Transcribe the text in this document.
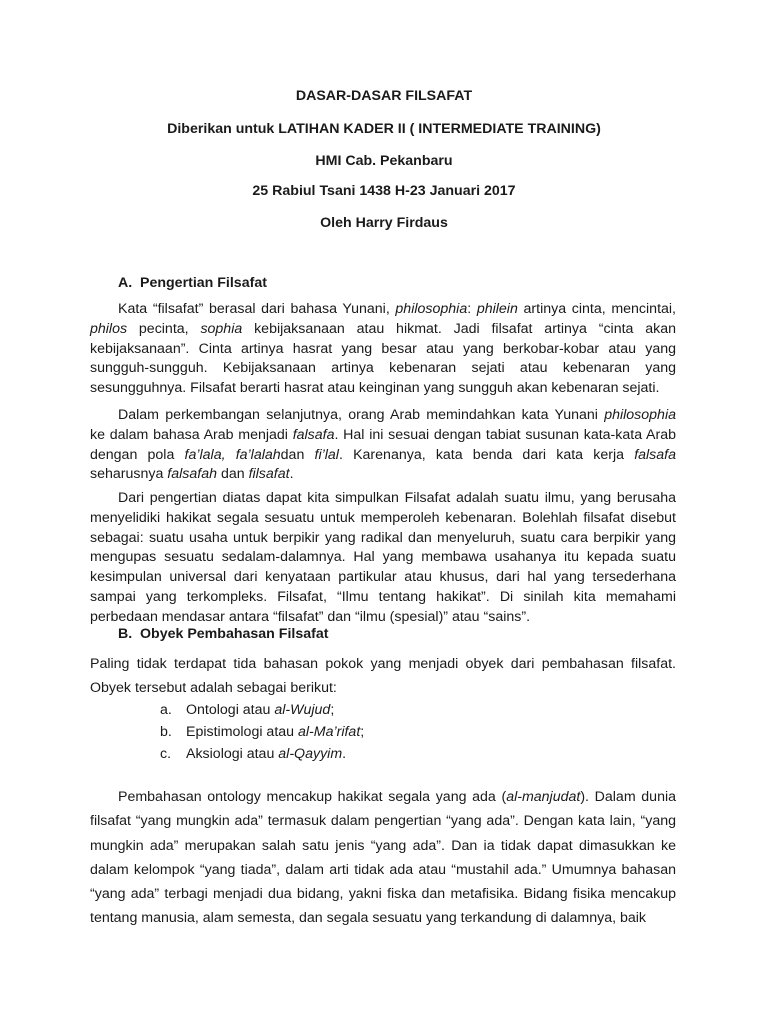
DASAR-DASAR FILSAFAT
Diberikan untuk LATIHAN KADER II ( INTERMEDIATE TRAINING)
HMI Cab. Pekanbaru
25 Rabiul Tsani 1438 H-23 Januari 2017
Oleh Harry Firdaus
A. Pengertian Filsafat

Kata “filsafat” berasal dari bahasa Yunani, philosophia: philein artinya cinta, mencintai, philos pecinta, sophia kebijaksanaan atau hikmat. Jadi filsafat artinya “cinta akan kebijaksanaan”. Cinta artinya hasrat yang besar atau yang berkobar-kobar atau yang sungguh-sungguh. Kebijaksanaan artinya kebenaran sejati atau kebenaran yang sesungguhnya. Filsafat berarti hasrat atau keinginan yang sungguh akan kebenaran sejati.

Dalam perkembangan selanjutnya, orang Arab memindahkan kata Yunani philosophia ke dalam bahasa Arab menjadi falsafa. Hal ini sesuai dengan tabiat susunan kata-kata Arab dengan pola fa’lala, fa’lalahdan fi’lal. Karenanya, kata benda dari kata kerja falsafa seharusnya falsafah dan filsafat.

Dari pengertian diatas dapat kita simpulkan Filsafat adalah suatu ilmu, yang berusaha menyelidiki hakikat segala sesuatu untuk memperoleh kebenaran. Bolehlah filsafat disebut sebagai: suatu usaha untuk berpikir yang radikal dan menyeluruh, suatu cara berpikir yang mengupas sesuatu sedalam-dalamnya. Hal yang membawa usahanya itu kepada suatu kesimpulan universal dari kenyataan partikular atau khusus, dari hal yang tersederhana sampai yang terkompleks. Filsafat, “Ilmu tentang hakikat”. Di sinilah kita memahami perbedaan mendasar antara “filsafat” dan “ilmu (spesial)” atau “sains”.

B. Obyek Pembahasan Filsafat

Paling tidak terdapat tida bahasan pokok yang menjadi obyek dari pembahasan filsafat. Obyek tersebut adalah sebagai berikut:

a. Ontologi atau al-Wujud;
b. Epistimologi atau al-Ma’rifat;
c. Aksiologi atau al-Qayyim.

Pembahasan ontology mencakup hakikat segala yang ada (al-manjudat). Dalam dunia filsafat “yang mungkin ada” termasuk dalam pengertian “yang ada”. Dengan kata lain, “yang mungkin ada” merupakan salah satu jenis “yang ada”. Dan ia tidak dapat dimasukkan ke dalam kelompok “yang tiada”, dalam arti tidak ada atau “mustahil ada.” Umumnya bahasan “yang ada” terbagi menjadi dua bidang, yakni fiska dan metafisika. Bidang fisika mencakup tentang manusia, alam semesta, dan segala sesuatu yang terkandung di dalamnya, baik
